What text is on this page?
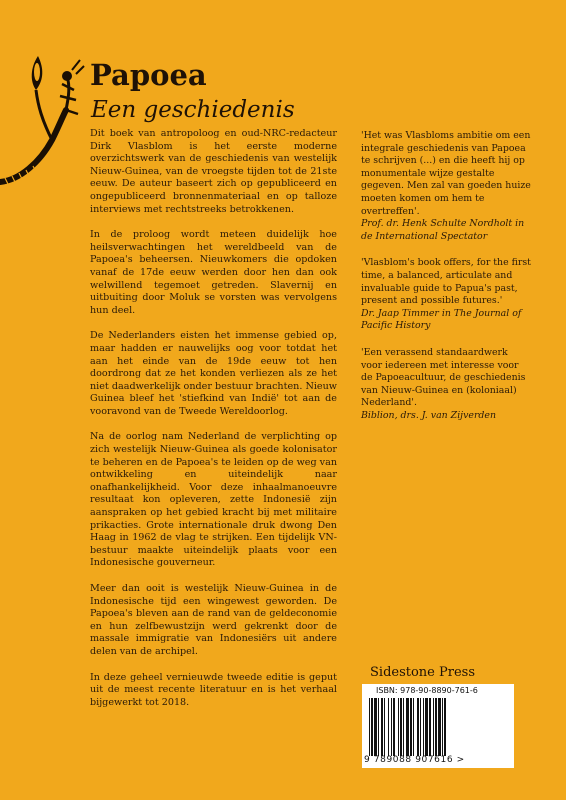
Papoea
Een geschiedenis

Dit boek van antropoloog en oud-NRC-redacteur Dirk Vlasblom is het eerste moderne overzichtswerk van de geschiedenis van westelijk Nieuw-Guinea, van de vroegste tijden tot de 21ste eeuw. De auteur baseert zich op gepubliceerd en ongepubliceerd bronnenmateriaal en op talloze interviews met rechtstreeks betrokkenen.

In de proloog wordt meteen duidelijk hoe heilsverwachtingen het wereldbeeld van de Papoea's beheersen. Nieuwkomers die opdoken vanaf de 17de eeuw werden door hen dan ook welwillend tegemoet getreden. Slavernij en uitbuiting door Moluk se vorsten was vervolgens hun deel.

De Nederlanders eisten het immense gebied op, maar hadden er nauwelijks oog voor totdat het aan het einde van de 19de eeuw tot hen doordrong dat ze het konden verliezen als ze het niet daadwerkelijk onder bestuur brachten. Nieuw Guinea bleef het 'stiefkind van Indië' tot aan de vooravond van de Tweede Wereldoorlog.

Na de oorlog nam Nederland de verplichting op zich westelijk Nieuw-Guinea als goede kolonisator te beheren en de Papoea's te leiden op de weg van ontwikkeling en uiteindelijk naar onafhankelijkheid. Voor deze inhaalmanoeuvre resultaat kon opleveren, zette Indonesië zijn aanspraken op het gebied kracht bij met militaire prikacties. Grote internationale druk dwong Den Haag in 1962 de vlag te strijken. Een tijdelijk VN-bestuur maakte uiteindelijk plaats voor een Indonesische gouverneur.

Meer dan ooit is westelijk Nieuw-Guinea in de Indonesische tijd een wingewest geworden. De Papoea's bleven aan de rand van de geldeconomie en hun zelfbewustzijn werd gekrenkt door de massale immigratie van Indonesiërs uit andere delen van de archipel.

In deze geheel vernieuwde tweede editie is geput uit de meest recente literatuur en is het verhaal bijgewerkt tot 2018.

'Het was Vlasbloms ambitie om een integrale geschiedenis van Papoea te schrijven (...) en die heeft hij op monumentale wijze gestalte gegeven. Men zal van goeden huize moeten komen om hem te overtreffen'.
Prof. dr. Henk Schulte Nordholt in de International Spectator
'Vlasblom's book offers, for the first time, a balanced, articulate and invaluable guide to Papua's past, present and possible futures.'
Dr. Jaap Timmer in The Journal of Pacific History
'Een verassend standaardwerk voor iedereen met interesse voor de Papoeacultuur, de geschiedenis van Nieuw-Guinea en (koloniaal) Nederland'.
Biblion, drs. J. van Zijverden
Sidestone Press
ISBN: 978-90-8890-761-6
9 789088 907616 >
